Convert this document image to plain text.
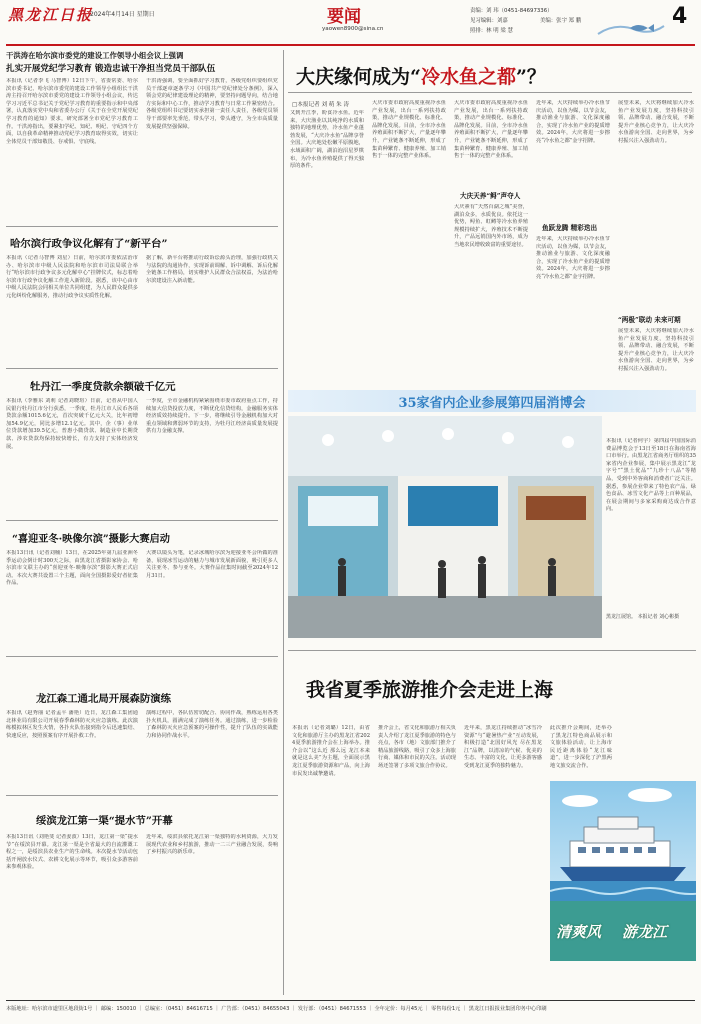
黑龙江日报
2024年4月14日 星期日	要闻
yaowen8900@sina.cn
责编：刘 玮（0451-84697336）
见习编辑：刘嘉	美编：张宇 郑 鹏
照排：林 明 梁 慧
4
干洪涛在哈尔滨市委党的建设工作领导小组会议上强调
扎实开展党纪学习教育 锻造忠诚干净担当党员干部队伍
本报讯（记者李飞 马智博）12日下午，省委常委、哈尔滨市委书记、哈尔滨市委党的建设工作领导小组组长干洪涛主持召开哈尔滨市委党的建设工作领导小组会议，传达学习习近平总书记关于党纪学习教育的重要指示和中央部署，认真落实党中央和省委办公厅《关于在全党开展党纪学习教育的通知》要求，研究部署全市党纪学习教育工作。干洪涛指出，要紧扣学纪、知纪、明纪、守纪四个方面，以自我革命精神推动党纪学习教育取得实效，切实让全体党员干部知敬畏、存戒惧、守底线。
干洪涛强调，要全面抓好学习教育，各级党组织要组织党员干部逐章逐条学习《中国共产党纪律处分条例》，深入领会党的纪律建设理论的精神，要坚持问题导向，结合地方实际和中心工作，推动学习教育与日常工作紧密结合。各级党组织书记要切实承担第一责任人责任，各级党员领导干部要率先垂范，带头学习，带头遵守，为全市高质量发展提供坚强保障。
哈尔滨行政争议化解有了“新平台”
本报讯（记者马智博 刘星）日前，哈尔滨市委依法治市办、哈尔滨市中级人民法院和哈尔滨市司法局联合举行“哈尔滨市行政争议多元化解中心”挂牌仪式，标志着哈尔滨市行政争议化解工作进入新阶段。据悉，该中心由市中级人民法院会同相关单位共同组建，为人民群众提供多元化纠纷化解服务，推动行政争议实质性化解。
据了解，新平台将推动行政诉讼源头治理，加强行政机关与法院的沟通协作，实现诉前调解、诉中调解、诉后化解全链条工作格局，切实维护人民群众合法权益，为法治哈尔滨建设注入新动能。
牡丹江一季度贷款余额破千亿元
本报讯（李雅东 刘莉 记者刘晓瑄）日前，记者从中国人民银行牡丹江市分行获悉，一季度，牡丹江市人民币各项贷款余额1015.6亿元，首次突破千亿元大关，比年初增加54.9亿元，同比多增12.1亿元。其中，企（事）业单位贷款增加39.5亿元，普惠小微贷款、制造业中长期贷款、涉农贷款均保持较快增长，有力支持了实体经济发展。
一季度，全市金融机构紧紧围绕市委市政府重点工作，持续加大信贷投放力度，不断优化信贷结构，金融服务实体经济质效持续提升。下一步，将继续引导金融机构加大对重点领域和薄弱环节的支持，为牡丹江经济高质量发展提供有力金融支撑。
“喜迎亚冬·映像尔滨”摄影大赛启动
本报13日讯（记者刘楠）13日，在2025年第九届亚洲冬季运动会倒计时300天之际，由黑龙江省摄影家协会、哈尔滨市文联主办的“喜迎亚冬·映像尔滨”摄影大赛正式启动。本次大赛共设置三个主题，面向全国摄影爱好者征集作品。
大赛以镜头为笔，记录冰城哈尔滨为迎接亚冬会所做的准备，展现冰雪运动的魅力与城市发展新面貌，吸引更多人关注亚冬、参与亚冬。大赛作品征集时间截至2024年12月31日。
龙江森工通北局开展森防演练
本报讯（赵秀丽 记者孟平 潘艳）近日，龙江森工集团通北林业局有限公司开展春季森林防灭火应急演练。此次演练模拟林区发生火情，各扑火队伍接到指令后迅速集结、快速反应，按照预案有序开展扑救工作。
演练过程中，各队伍密切配合、协同作战，熟练运用各类扑火机具，圆满完成了演练任务。通过演练，进一步检验了森林防灭火应急预案的可操作性，提升了队伍的实战能力和协同作战水平。
绥滨龙江第一渠“提水节”开幕
本报13日讯（刘艳斐 记者姜波）13日，龙江第一渠“提水节”在绥滨县开幕。龙江第一渠是全省最大的自流灌溉工程之一，是绥滨县农业生产的生命线。本次提水节活动包括开闸放水仪式、农耕文化展示等环节，吸引众多游客前来参观体验。
近年来，绥滨县依托龙江第一渠独特的水利资源，大力发展现代农业和乡村旅游，推动一二三产业融合发展，奏响了乡村振兴的新乐章。
大庆缘何成为“冷水鱼之都”？
□本报记者 刘 萌 朱 涛
又到开江季，盼食冷水鱼。近年来，大庆渔业以其纯净的水质和独特的地理优势，冷水鱼产业蓬勃发展，“大庆冷水鱼”品牌享誉全国。大庆地处松嫩平原腹地，水域面积广阔，湖泊泡沼星罗棋布，为冷水鱼养殖提供了得天独厚的条件。
大庆市委市政府高度重视冷水鱼产业发展，出台一系列扶持政策，推动产业规模化、标准化、品牌化发展。目前，全市冷水鱼养殖面积不断扩大，产量逐年攀升，产业链条不断延伸，形成了集苗种繁育、健康养殖、加工销售于一体的完整产业体系。
大庆市委市政府高度重视冷水鱼产业发展，出台一系列扶持政策，推动产业规模化、标准化、品牌化发展。目前，全市冷水鱼养殖面积不断扩大，产量逐年攀升，产业链条不断延伸，形成了集苗种繁育、健康养殖、加工销售于一体的完整产业体系。
大庆天养“鲟”声夺人
大庆素有“天然百湖之城”美誉，湖泊众多，水质优良。依托这一优势，鲟鱼、虹鳟等冷水鱼养殖规模持续扩大，养殖技术不断提升，产品远销国内外市场，成为当地农民增收致富的重要途径。
近年来，大庆持续举办冷水鱼节庆活动，以鱼为媒，以节会友，推动渔业与旅游、文化深度融合，实现了冷水鱼产业的提质增效。2024年，大庆将进一步擦亮“冷水鱼之都”金字招牌。
鱼跃龙腾 精彩迭出
近年来，大庆持续举办冷水鱼节庆活动，以鱼为媒，以节会友，推动渔业与旅游、文化深度融合，实现了冷水鱼产业的提质增效。2024年，大庆将进一步擦亮“冷水鱼之都”金字招牌。
展望未来，大庆将继续加大冷水鱼产业发展力度，坚持科技引领、品牌带动、融合发展，不断提升产业核心竞争力，让大庆冷水鱼游向全国、走向世界，为乡村振兴注入强劲动力。
“两极”联动 未来可期
展望未来，大庆将继续加大冷水鱼产业发展力度，坚持科技引领、品牌带动、融合发展，不断提升产业核心竞争力，让大庆冷水鱼游向全国、走向世界，为乡村振兴注入强劲动力。
35家省内企业参展第四届消博会
本报讯（记者何宇）第四届中国国际消费品博览会于13日至18日在海南省海口市举行。由黑龙江省商务厅组织的35家省内企业参展，集中展示黑龙江“龙字号”“黑土优品”“九珍十八品”等精品，受到中外客商和消费者广泛关注。据悉，参展企业带来了特色农产品、绿色食品、冰雪文化产品等上百种展品，在展会期间与多家采购商达成合作意向。
黑龙江展馆。 本报记者 刘心彬摄
我省夏季旅游推介会走进上海
本报讯（记者刘璐）12日，由省文化和旅游厅主办的黑龙江省2024夏季旅游推介会在上海举办。推介会以“这么近 那么远 龙江本来就是这么美”为主题，全面展示黑龙江夏季旅游资源和产品，向上海市民发出诚挚邀请。
推介会上，省文化和旅游厅相关负责人介绍了龙江夏季旅游的特色与亮点，各市（地）文旅部门推介了精品旅游线路，吸引了众多上海旅行商、媒体和市民的关注。活动现场还签署了多项文旅合作协议。
近年来，黑龙江持续推动“冰雪冷资源”与“避暑热产业”互动发展，积极打造“北国好风光 尽在黑龙江”品牌，以清凉的气候、优美的生态、丰富的文化，让更多游客感受到龙江夏季的独特魅力。
此次推介会期间，还举办了黑龙江特色商品展示和文旅体验活动，让上海市民近距离体验“龙江味道”，进一步深化了沪黑两地文旅交流合作。
清爽风 游龙江
本版地址：哈尔滨市道里区地段街1号 ｜ 邮编：150010 ｜ 总编室：（0451）84616715 ｜ 广告部：（0451）84655043 ｜ 发行部：（0451）84671553 ｜ 全年定价：每月45元 ｜ 零售每份1元 ｜ 黑龙江日报报业集团印务中心印刷
